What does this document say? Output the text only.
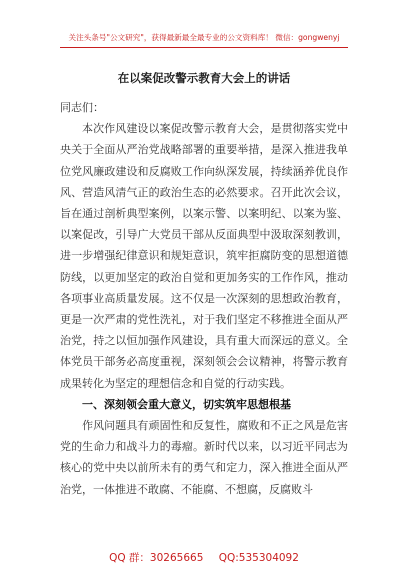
关注头条号"公文研究"，获得最新最全最专业的公文资料库！ 微信：gongwenyj
在以案促改警示教育大会上的讲话

同志们：

本次作风建设以案促改警示教育大会，是贯彻落实党中央关于全面从严治党战略部署的重要举措，是深入推进我单位党风廉政建设和反腐败工作向纵深发展，持续涵养优良作风、营造风清气正的政治生态的必然要求。召开此次会议，旨在通过剖析典型案例，以案示警、以案明纪、以案为鉴、以案促改，引导广大党员干部从反面典型中汲取深刻教训，进一步增强纪律意识和规矩意识，筑牢拒腐防变的思想道德防线，以更加坚定的政治自觉和更加务实的工作作风，推动各项事业高质量发展。这不仅是一次深刻的思想政治教育，更是一次严肃的党性洗礼，对于我们坚定不移推进全面从严治党，持之以恒加强作风建设，具有重大而深远的意义。全体党员干部务必高度重视，深刻领会会议精神，将警示教育成果转化为坚定的理想信念和自觉的行动实践。

一、深刻领会重大意义，切实筑牢思想根基

作风问题具有顽固性和反复性，腐败和不正之风是危害党的生命力和战斗力的毒瘤。新时代以来，以习近平同志为核心的党中央以前所未有的勇气和定力，深入推进全面从严治党，一体推进不敢腐、不能腐、不想腐，反腐败斗

QQ 群：30265665 QQ:535304092
